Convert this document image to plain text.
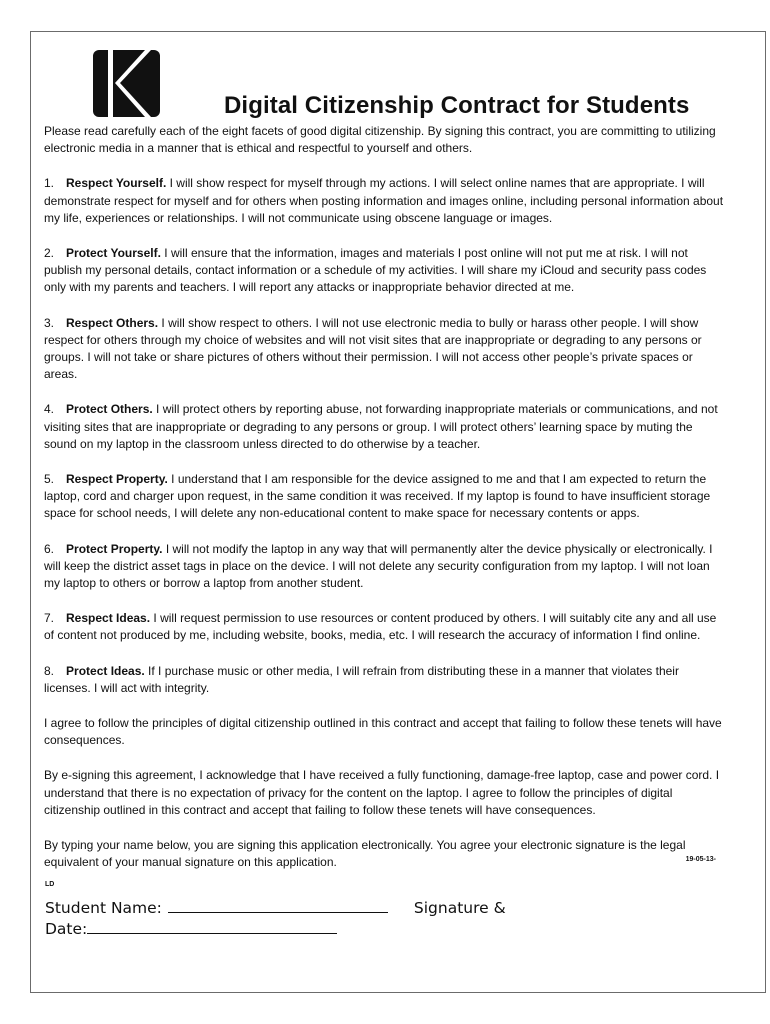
Digital Citizenship Contract for Students

Please read carefully each of the eight facets of good digital citizenship. By signing this contract, you are committing to utilizing electronic media in a manner that is ethical and respectful to yourself and others.

1. Respect Yourself. I will show respect for myself through my actions. I will select online names that are appropriate. I will demonstrate respect for myself and for others when posting information and images online, including personal information about my life, experiences or relationships. I will not communicate using obscene language or images.

2. Protect Yourself. I will ensure that the information, images and materials I post online will not put me at risk. I will not publish my personal details, contact information or a schedule of my activities. I will share my iCloud and security pass codes only with my parents and teachers. I will report any attacks or inappropriate behavior directed at me.

3. Respect Others. I will show respect to others. I will not use electronic media to bully or harass other people. I will show respect for others through my choice of websites and will not visit sites that are inappropriate or degrading to any persons or groups. I will not take or share pictures of others without their permission. I will not access other people’s private spaces or areas.

4. Protect Others. I will protect others by reporting abuse, not forwarding inappropriate materials or communications, and not visiting sites that are inappropriate or degrading to any persons or group. I will protect others’ learning space by muting the sound on my laptop in the classroom unless directed to do otherwise by a teacher.

5. Respect Property. I understand that I am responsible for the device assigned to me and that I am expected to return the laptop, cord and charger upon request, in the same condition it was received. If my laptop is found to have insufficient storage space for school needs, I will delete any non-educational content to make space for necessary contents or apps.

6. Protect Property. I will not modify the laptop in any way that will permanently alter the device physically or electronically. I will keep the district asset tags in place on the device. I will not delete any security configuration from my laptop. I will not loan my laptop to others or borrow a laptop from another student.

7. Respect Ideas. I will request permission to use resources or content produced by others. I will suitably cite any and all use of content not produced by me, including website, books, media, etc. I will research the accuracy of information I find online.

8. Protect Ideas. If I purchase music or other media, I will refrain from distributing these in a manner that violates their licenses. I will act with integrity.

I agree to follow the principles of digital citizenship outlined in this contract and accept that failing to follow these tenets will have consequences.

By e-signing this agreement, I acknowledge that I have received a fully functioning, damage-free laptop, case and power cord. I understand that there is no expectation of privacy for the content on the laptop. I agree to follow the principles of digital citizenship outlined in this contract and accept that failing to follow these tenets will have consequences.

By typing your name below, you are signing this application electronically. You agree your electronic signature is the legal equivalent of your manual signature on this application.	19-05-13-

LD
Student Name:	Signature &
Date:
